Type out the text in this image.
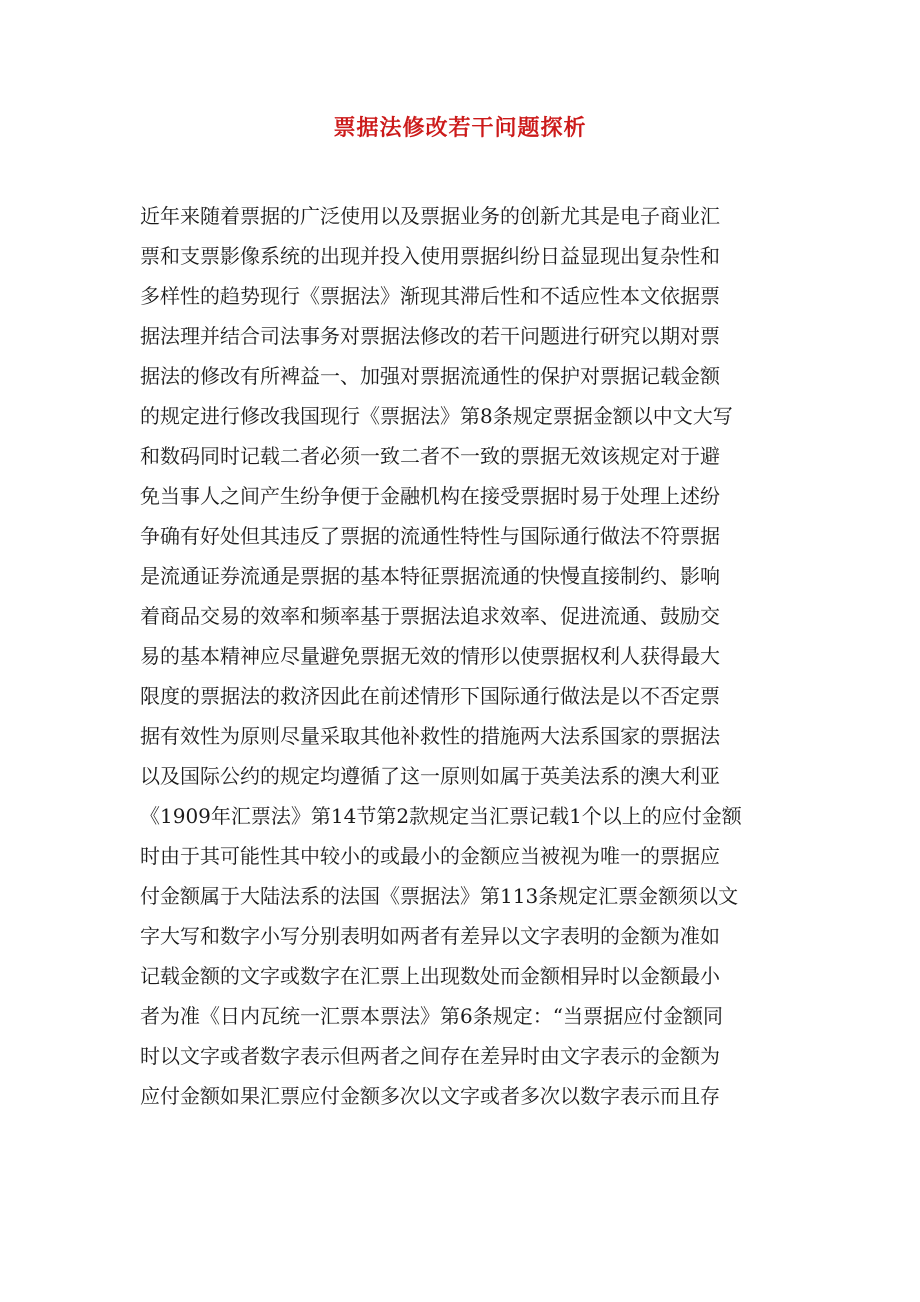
票据法修改若干问题探析
近年来随着票据的广泛使用以及票据业务的创新尤其是电子商业汇
票和支票影像系统的出现并投入使用票据纠纷日益显现出复杂性和
多样性的趋势现行《票据法》渐现其滞后性和不适应性本文依据票
据法理并结合司法事务对票据法修改的若干问题进行研究以期对票
据法的修改有所裨益一、加强对票据流通性的保护对票据记载金额
的规定进行修改我国现行《票据法》第8条规定票据金额以中文大写
和数码同时记载二者必须一致二者不一致的票据无效该规定对于避
免当事人之间产生纷争便于金融机构在接受票据时易于处理上述纷
争确有好处但其违反了票据的流通性特性与国际通行做法不符票据
是流通证券流通是票据的基本特征票据流通的快慢直接制约、影响
着商品交易的效率和频率基于票据法追求效率、促进流通、鼓励交
易的基本精神应尽量避免票据无效的情形以使票据权利人获得最大
限度的票据法的救济因此在前述情形下国际通行做法是以不否定票
据有效性为原则尽量采取其他补救性的措施两大法系国家的票据法
以及国际公约的规定均遵循了这一原则如属于英美法系的澳大利亚
《1909年汇票法》第14节第2款规定当汇票记载1个以上的应付金额
时由于其可能性其中较小的或最小的金额应当被视为唯一的票据应
付金额属于大陆法系的法国《票据法》第113条规定汇票金额须以文
字大写和数字小写分别表明如两者有差异以文字表明的金额为准如
记载金额的文字或数字在汇票上出现数处而金额相异时以金额最小
者为准《日内瓦统一汇票本票法》第6条规定：“当票据应付金额同
时以文字或者数字表示但两者之间存在差异时由文字表示的金额为
应付金额如果汇票应付金额多次以文字或者多次以数字表示而且存
